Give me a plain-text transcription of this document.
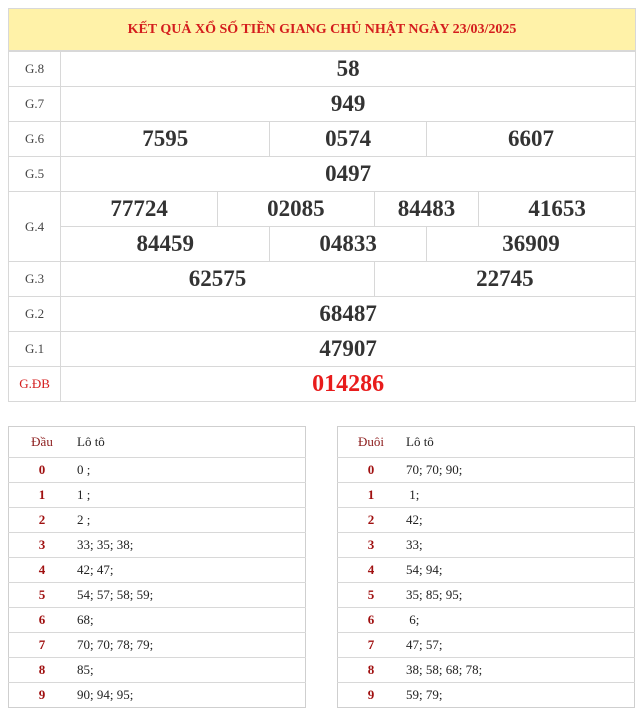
KẾT QUẢ XỔ SỐ TIỀN GIANG CHỦ NHẬT NGÀY 23/03/2025											

G.8	58										
G.7	949										
G.6	7595				0574			6607			
G.5	0497										
G.4	77724			02085			84483		41653		
	84459				04833			36909			
G.3	62575						22745				
G.2	68487										
G.1	47907										
G.ĐB	014286										
Đầu	Lô tô
0	0 ;
1	1 ;
2	2 ;
3	33; 35; 38;
4	42; 47;
5	54; 57; 58; 59;
6	68;
7	70; 70; 78; 79;
8	85;
9	90; 94; 95;
Đuôi	Lô tô
0	70; 70; 90;
1	1;
2	42;
3	33;
4	54; 94;
5	35; 85; 95;
6	6;
7	47; 57;
8	38; 58; 68; 78;
9	59; 79;
